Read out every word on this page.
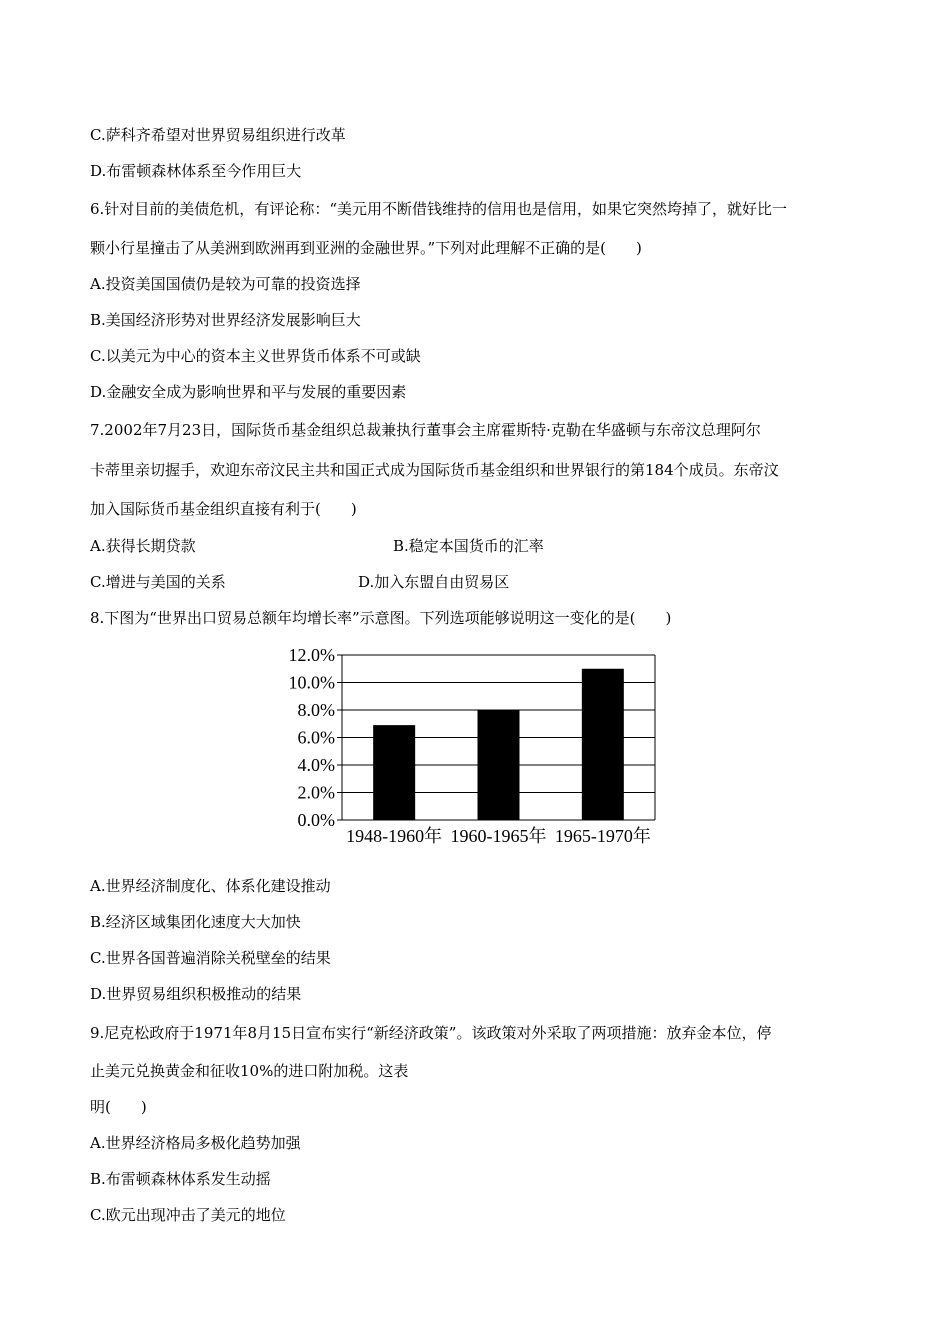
C.萨科齐希望对世界贸易组织进行改革
D.布雷顿森林体系至今作用巨大
6.针对目前的美债危机，有评论称：“美元用不断借钱维持的信用也是信用，如果它突然垮掉了，就好比一
颗小行星撞击了从美洲到欧洲再到亚洲的金融世界。”下列对此理解不正确的是(　　)
A.投资美国国债仍是较为可靠的投资选择
B.美国经济形势对世界经济发展影响巨大
C.以美元为中心的资本主义世界货币体系不可或缺
D.金融安全成为影响世界和平与发展的重要因素
7.2002年7月23日，国际货币基金组织总裁兼执行董事会主席霍斯特·克勒在华盛顿与东帝汶总理阿尔
卡蒂里亲切握手，欢迎东帝汶民主共和国正式成为国际货币基金组织和世界银行的第184个成员。东帝汶
加入国际货币基金组织直接有利于(　　)
A.获得长期贷款	B.稳定本国货币的汇率
C.增进与美国的关系	D.加入东盟自由贸易区
8.下图为“世界出口贸易总额年均增长率”示意图。下列选项能够说明这一变化的是(　　)
0.0%
2.0%
4.0%
6.0%
8.0%
10.0%
12.0%
1948-1960年 1960-1965年 1965-1970年
A.世界经济制度化、体系化建设推动
B.经济区域集团化速度大大加快
C.世界各国普遍消除关税壁垒的结果
D.世界贸易组织积极推动的结果
9.尼克松政府于1971年8月15日宣布实行“新经济政策”。该政策对外采取了两项措施：放弃金本位，停
止美元兑换黄金和征收10%的进口附加税。这表
明(　　)
A.世界经济格局多极化趋势加强
B.布雷顿森林体系发生动摇
C.欧元出现冲击了美元的地位
